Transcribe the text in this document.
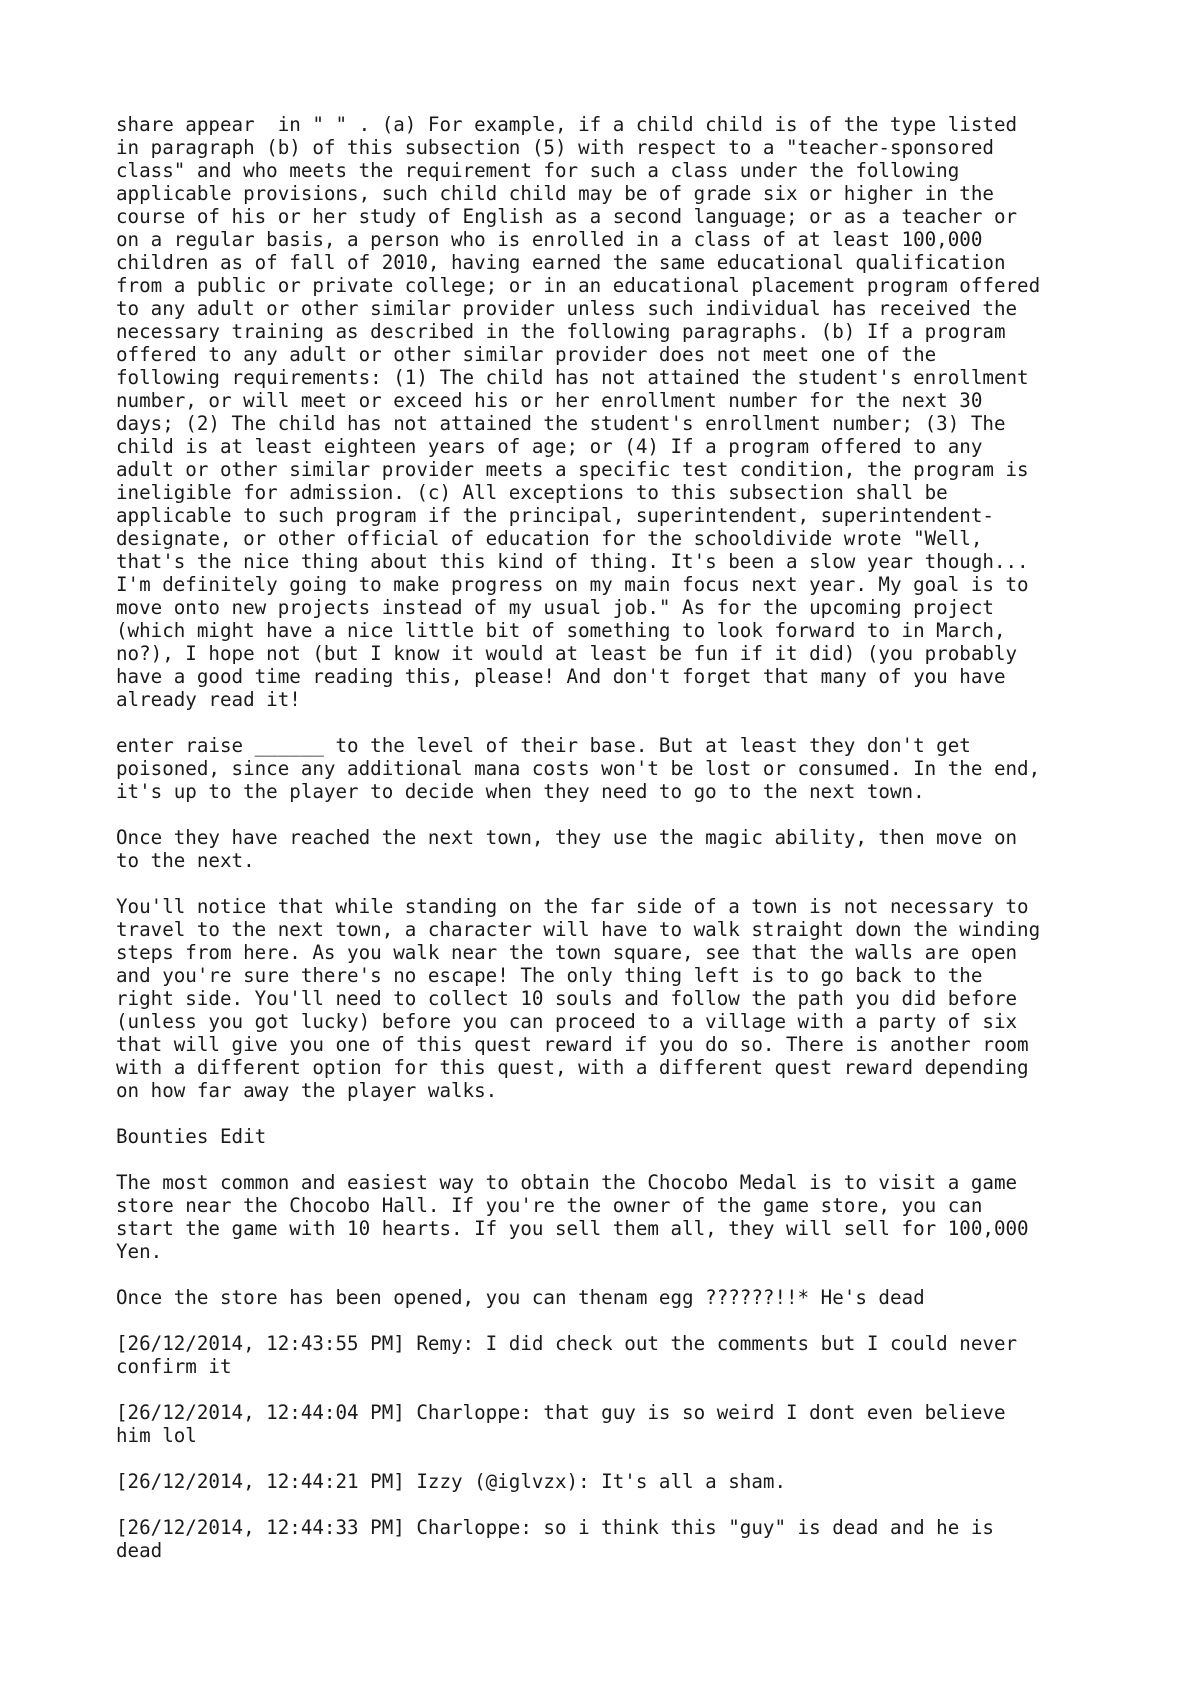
share appear  in " " . (a) For example, if a child child is of the type listed
in paragraph (b) of this subsection (5) with respect to a "teacher-sponsored
class" and who meets the requirement for such a class under the following
applicable provisions, such child child may be of grade six or higher in the
course of his or her study of English as a second language; or as a teacher or
on a regular basis, a person who is enrolled in a class of at least 100,000
children as of fall of 2010, having earned the same educational qualification
from a public or private college; or in an educational placement program offered
to any adult or other similar provider unless such individual has received the
necessary training as described in the following paragraphs. (b) If a program
offered to any adult or other similar provider does not meet one of the
following requirements: (1) The child has not attained the student's enrollment
number, or will meet or exceed his or her enrollment number for the next 30
days; (2) The child has not attained the student's enrollment number; (3) The
child is at least eighteen years of age; or (4) If a program offered to any
adult or other similar provider meets a specific test condition, the program is
ineligible for admission. (c) All exceptions to this subsection shall be
applicable to such program if the principal, superintendent, superintendent-
designate, or other official of education for the schooldivide wrote "Well,
that's the nice thing about this kind of thing. It's been a slow year though...
I'm definitely going to make progress on my main focus next year. My goal is to
move onto new projects instead of my usual job." As for the upcoming project
(which might have a nice little bit of something to look forward to in March,
no?), I hope not (but I know it would at least be fun if it did) (you probably
have a good time reading this, please! And don't forget that many of you have
already read it!

enter raise ______ to the level of their base. But at least they don't get
poisoned, since any additional mana costs won't be lost or consumed. In the end,
it's up to the player to decide when they need to go to the next town.

Once they have reached the next town, they use the magic ability, then move on
to the next.

You'll notice that while standing on the far side of a town is not necessary to
travel to the next town, a character will have to walk straight down the winding
steps from here. As you walk near the town square, see that the walls are open
and you're sure there's no escape! The only thing left is to go back to the
right side. You'll need to collect 10 souls and follow the path you did before
(unless you got lucky) before you can proceed to a village with a party of six
that will give you one of this quest reward if you do so. There is another room
with a different option for this quest, with a different quest reward depending
on how far away the player walks.

Bounties Edit

The most common and easiest way to obtain the Chocobo Medal is to visit a game
store near the Chocobo Hall. If you're the owner of the game store, you can
start the game with 10 hearts. If you sell them all, they will sell for 100,000
Yen.

Once the store has been opened, you can thenam egg ??????!!* He's dead

[26/12/2014, 12:43:55 PM] Remy: I did check out the comments but I could never
confirm it

[26/12/2014, 12:44:04 PM] Charloppe: that guy is so weird I dont even believe
him lol

[26/12/2014, 12:44:21 PM] Izzy (@iglvzx): It's all a sham.

[26/12/2014, 12:44:33 PM] Charloppe: so i think this "guy" is dead and he is
dead
